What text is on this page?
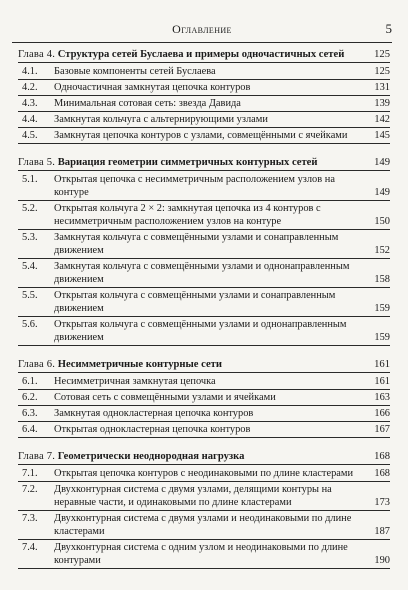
Оглавление	5
Глава 4. Структура сетей Буслаева и примеры одночастичных сетей	125
4.1. Базовые компоненты сетей Буслаева	125
4.2. Одночастичная замкнутая цепочка контуров	131
4.3. Минимальная сотовая сеть: звезда Давида	139
4.4. Замкнутая кольчуга с альтернирующими узлами	142
4.5. Замкнутая цепочка контуров с узлами, совмещёнными с ячейками	145
Глава 5. Вариация геометрии симметричных контурных сетей	149
5.1. Открытая цепочка с несимметричным расположением узлов на контуре	149
5.2. Открытая кольчуга 2 × 2: замкнутая цепочка из 4 контуров с несимметричным расположением узлов на контуре	150
5.3. Замкнутая кольчуга с совмещёнными узлами и сонаправленным движением	152
5.4. Замкнутая кольчуга с совмещёнными узлами и однонаправленным движением	158
5.5. Открытая кольчуга с совмещёнными узлами и сонаправленным движением	159
5.6. Открытая кольчуга с совмещёнными узлами и однонаправленным движением	159
Глава 6. Несимметричные контурные сети	161
6.1. Несимметричная замкнутая цепочка	161
6.2. Сотовая сеть с совмещёнными узлами и ячейками	163
6.3. Замкнутая одноклaстерная цепочка контуров	166
6.4. Открытая одноклaстерная цепочка контуров	167
Глава 7. Геометрически неоднородная нагрузка	168
7.1. Открытая цепочка контуров с неодинаковыми по длине кластерами 168
7.2. Двухконтурная система с двумя узлами, делящими контуры на неравные части, и одинаковыми по длине кластерами	173
7.3. Двухконтурная система с двумя узлами и неодинаковыми по длине кластерами	187
7.4. Двухконтурная система с одним узлом и неодинаковыми по длине контурами	190
